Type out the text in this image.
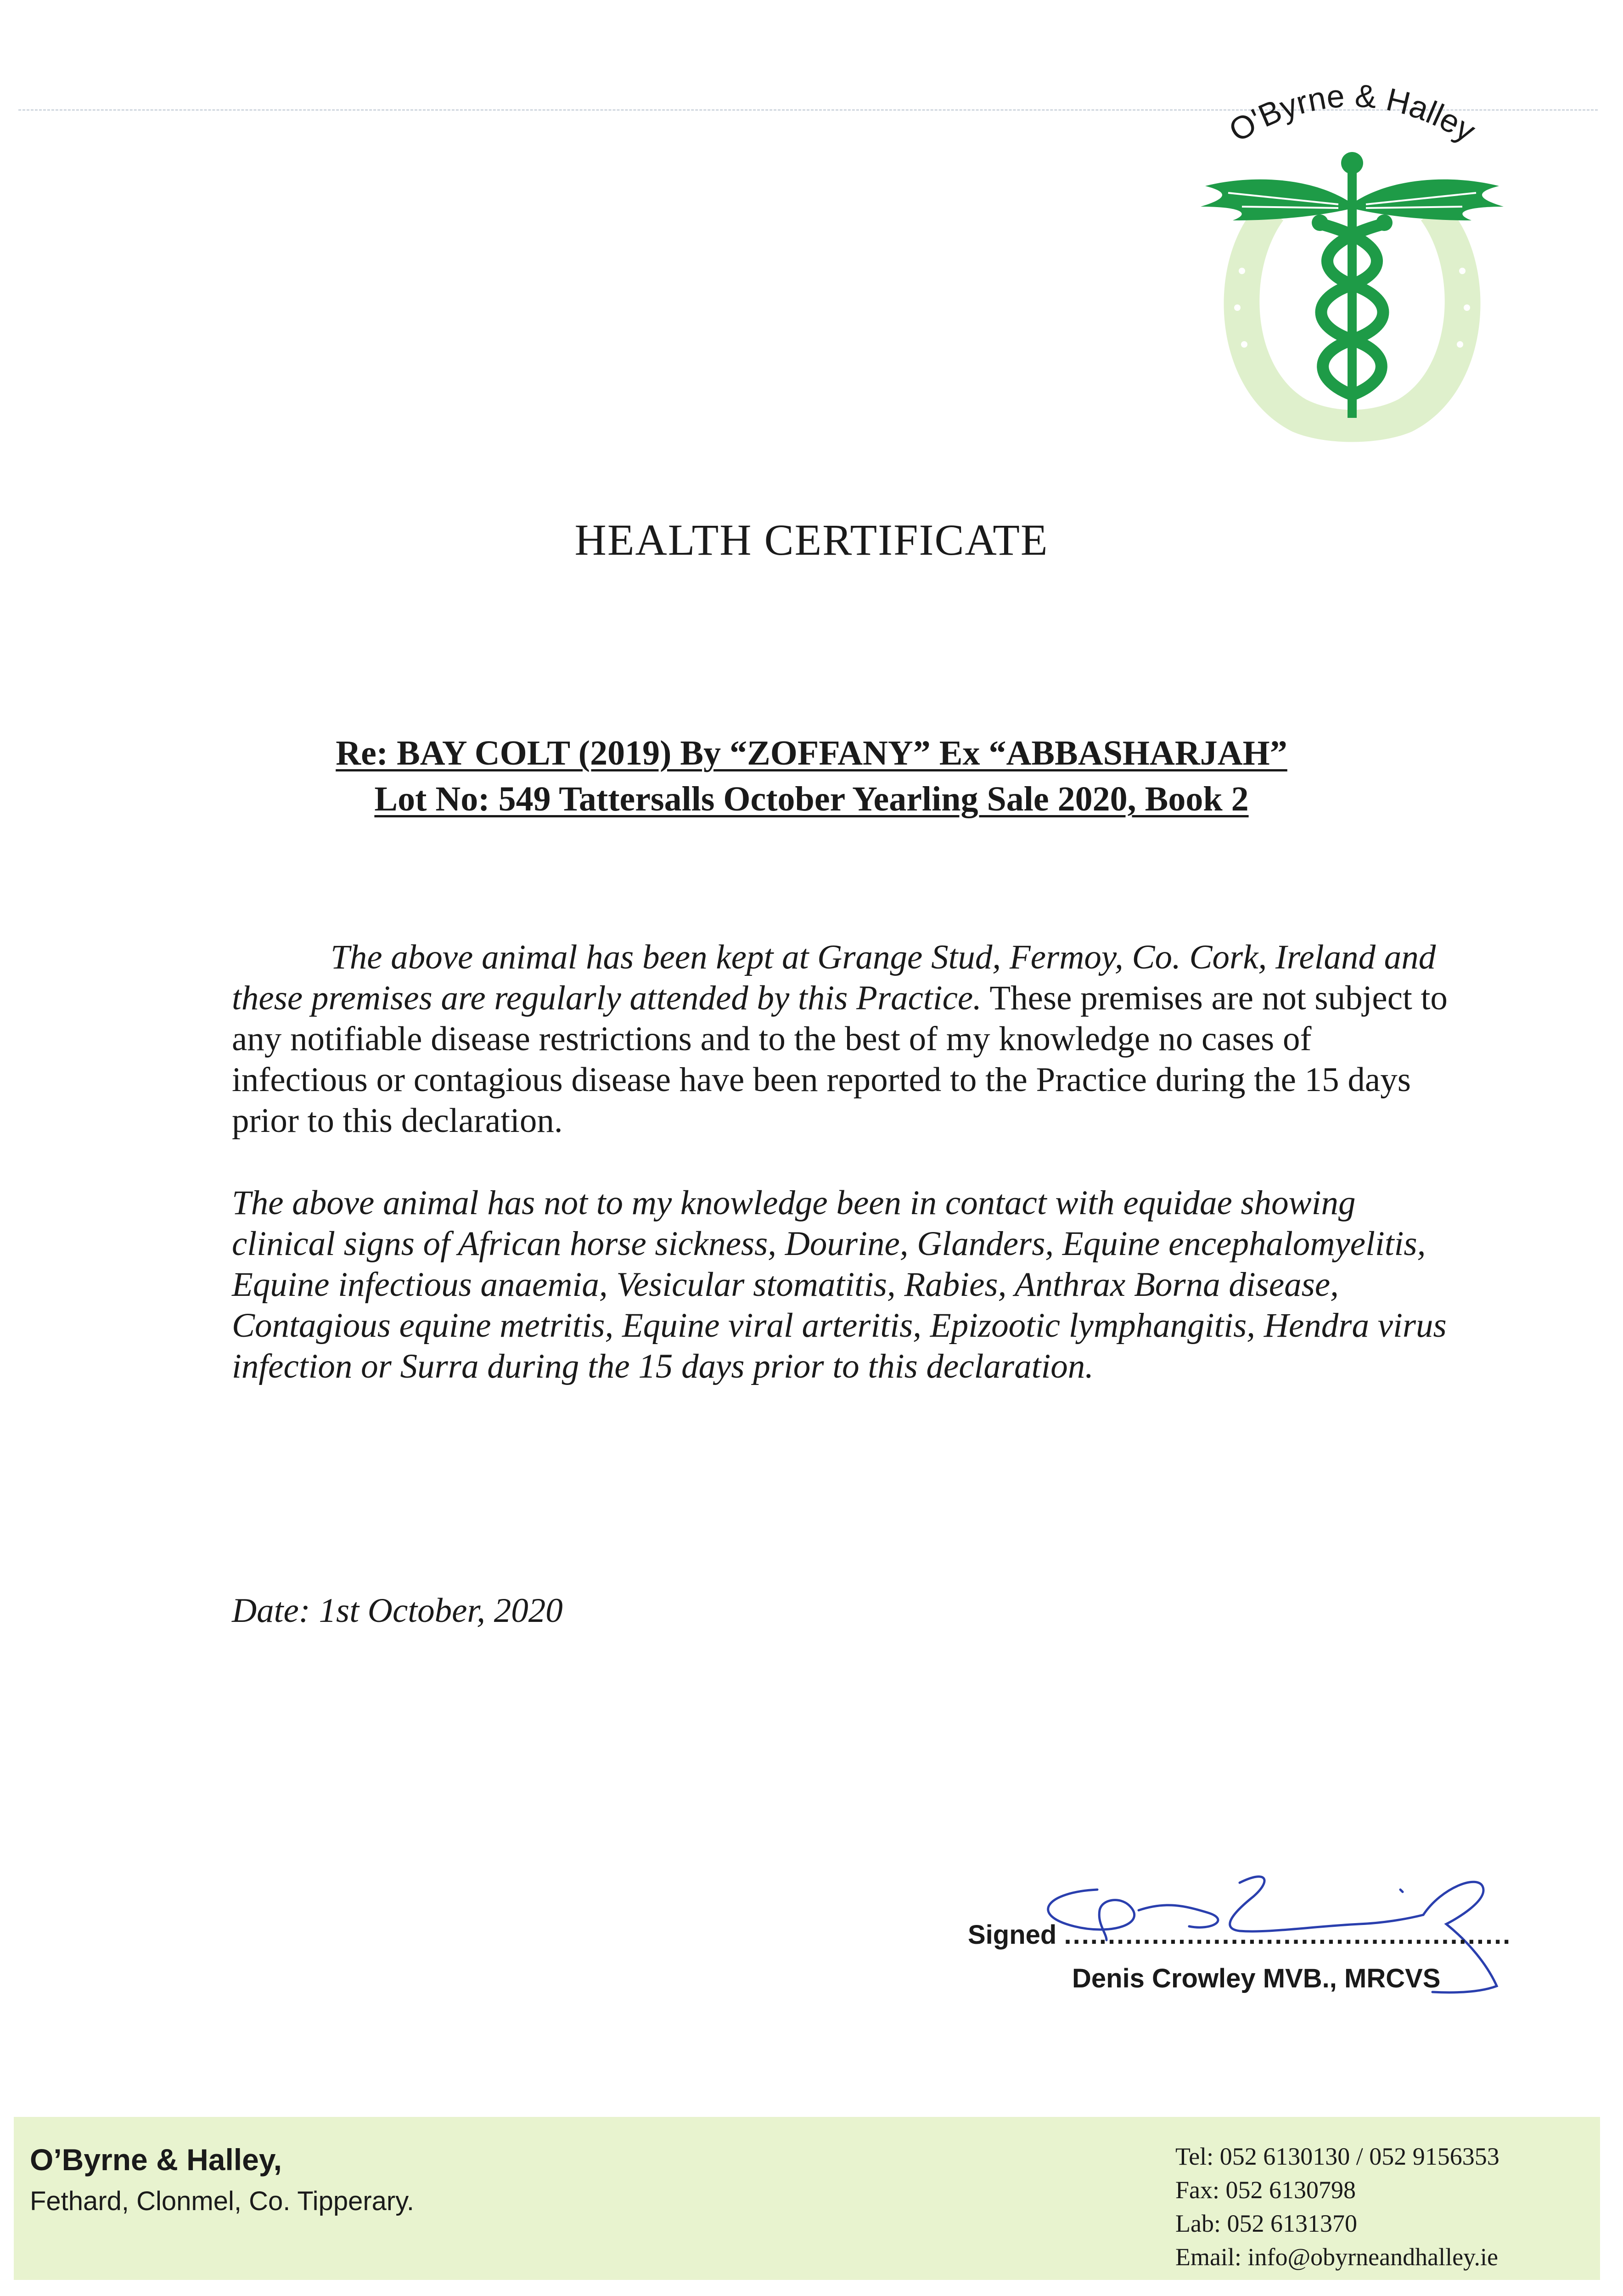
O'Byrne & Halley
HEALTH CERTIFICATE
Re: BAY COLT (2019) By “ZOFFANY” Ex “ABBASHARJAH”
Lot No: 549 Tattersalls October Yearling Sale 2020, Book 2
The above animal has been kept at Grange Stud, Fermoy, Co. Cork, Ireland and these premises are regularly attended by this Practice. These premises are not subject to any notifiable disease restrictions and to the best of my knowledge no cases of infectious or contagious disease have been reported to the Practice during the 15 days prior to this declaration.
The above animal has not to my knowledge been in contact with equidae showing clinical signs of African horse sickness, Dourine, Glanders, Equine encephalomyelitis, Equine infectious anaemia, Vesicular stomatitis, Rabies, Anthrax Borna disease, Contagious equine metritis, Equine viral arteritis, Epizootic lymphangitis, Hendra virus infection or Surra during the 15 days prior to this declaration.
Date: 1st October, 2020
Signed ...................................................
Denis Crowley MVB., MRCVS
O’Byrne & Halley,
Fethard, Clonmel, Co. Tipperary.
Tel: 052 6130130 / 052 9156353
Fax: 052 6130798
Lab: 052 6131370
Email: info@obyrneandhalley.ie
